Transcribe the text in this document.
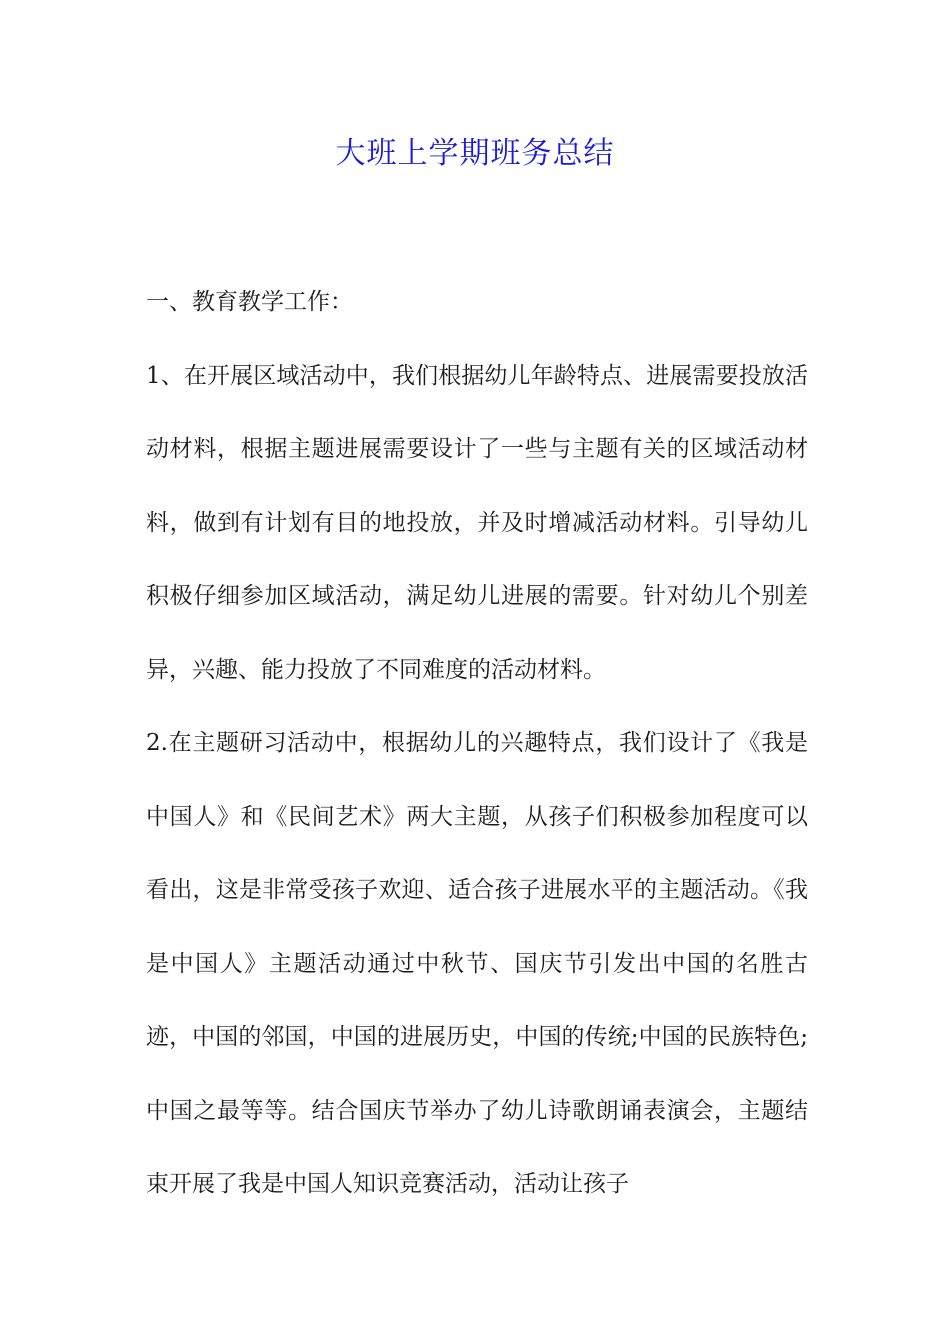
大班上学期班务总结

一、教育教学工作：

1、在开展区域活动中，我们根据幼儿年龄特点、进展需要投放活动材料，根据主题进展需要设计了一些与主题有关的区域活动材料，做到有计划有目的地投放，并及时增减活动材料。引导幼儿积极仔细参加区域活动，满足幼儿进展的需要。针对幼儿个别差异，兴趣、能力投放了不同难度的活动材料。

2.在主题研习活动中，根据幼儿的兴趣特点，我们设计了《我是中国人》和《民间艺术》两大主题，从孩子们积极参加程度可以看出，这是非常受孩子欢迎、适合孩子进展水平的主题活动。《我是中国人》主题活动通过中秋节、国庆节引发出中国的名胜古迹，中国的邻国，中国的进展历史，中国的传统;中国的民族特色;中国之最等等。结合国庆节举办了幼儿诗歌朗诵表演会，主题结束开展了我是中国人知识竞赛活动，活动让孩子
